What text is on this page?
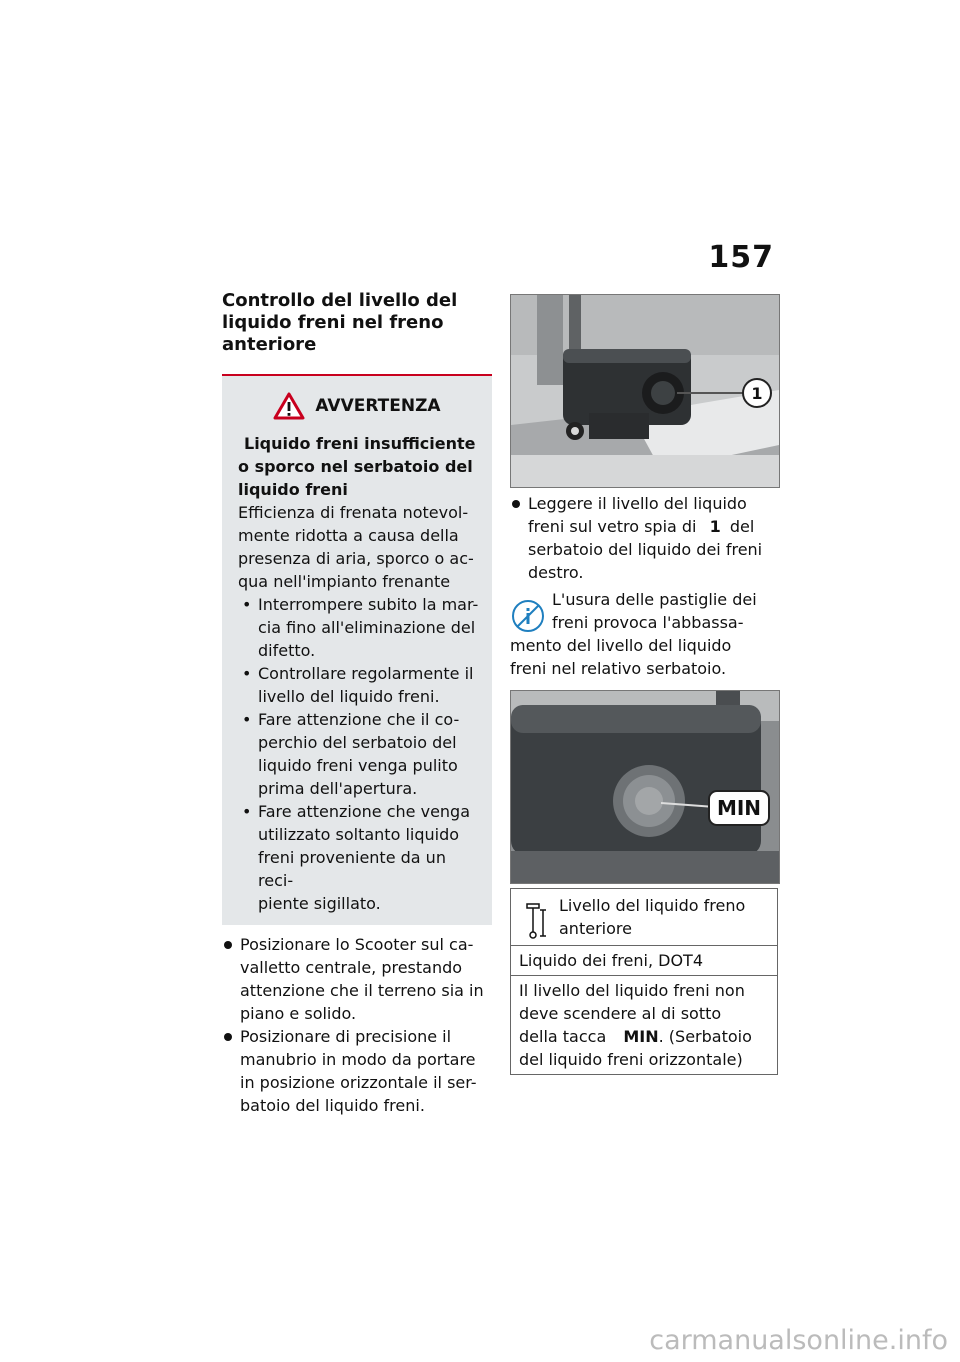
157
Controllo del livello del
liquido freni nel freno
anteriore
AVVERTENZA
Liquido freni insufficiente
o sporco nel serbatoio del
liquido freni
Efficienza di frenata notevol-
mente ridotta a causa della
presenza di aria, sporco o ac-
qua nell'impianto frenante
• Interrompere subito la mar-
cia fino all'eliminazione del
difetto.
• Controllare regolarmente il
livello del liquido freni.
• Fare attenzione che il co-
perchio del serbatoio del
liquido freni venga pulito
prima dell'apertura.
• Fare attenzione che venga
utilizzato soltanto liquido
freni proveniente da un reci-
piente sigillato.
Posizionare lo Scooter sul ca-
valletto centrale, prestando
attenzione che il terreno sia in
piano e solido.
Posizionare di precisione il
manubrio in modo da portare
in posizione orizzontale il ser-
batoio del liquido freni.
1
Leggere il livello del liquido
freni sul vetro spia di 1 del
serbatoio del liquido dei freni
destro.
L'usura delle pastiglie dei
freni provoca l'abbassa-
mento del livello del liquido
freni nel relativo serbatoio.
MIN
Livello del liquido freno
anteriore
Liquido dei freni, DOT4
Il livello del liquido freni non
deve scendere al di sotto
della tacca MIN. (Serbatoio
del liquido freni orizzontale)
carmanualsonline.info
